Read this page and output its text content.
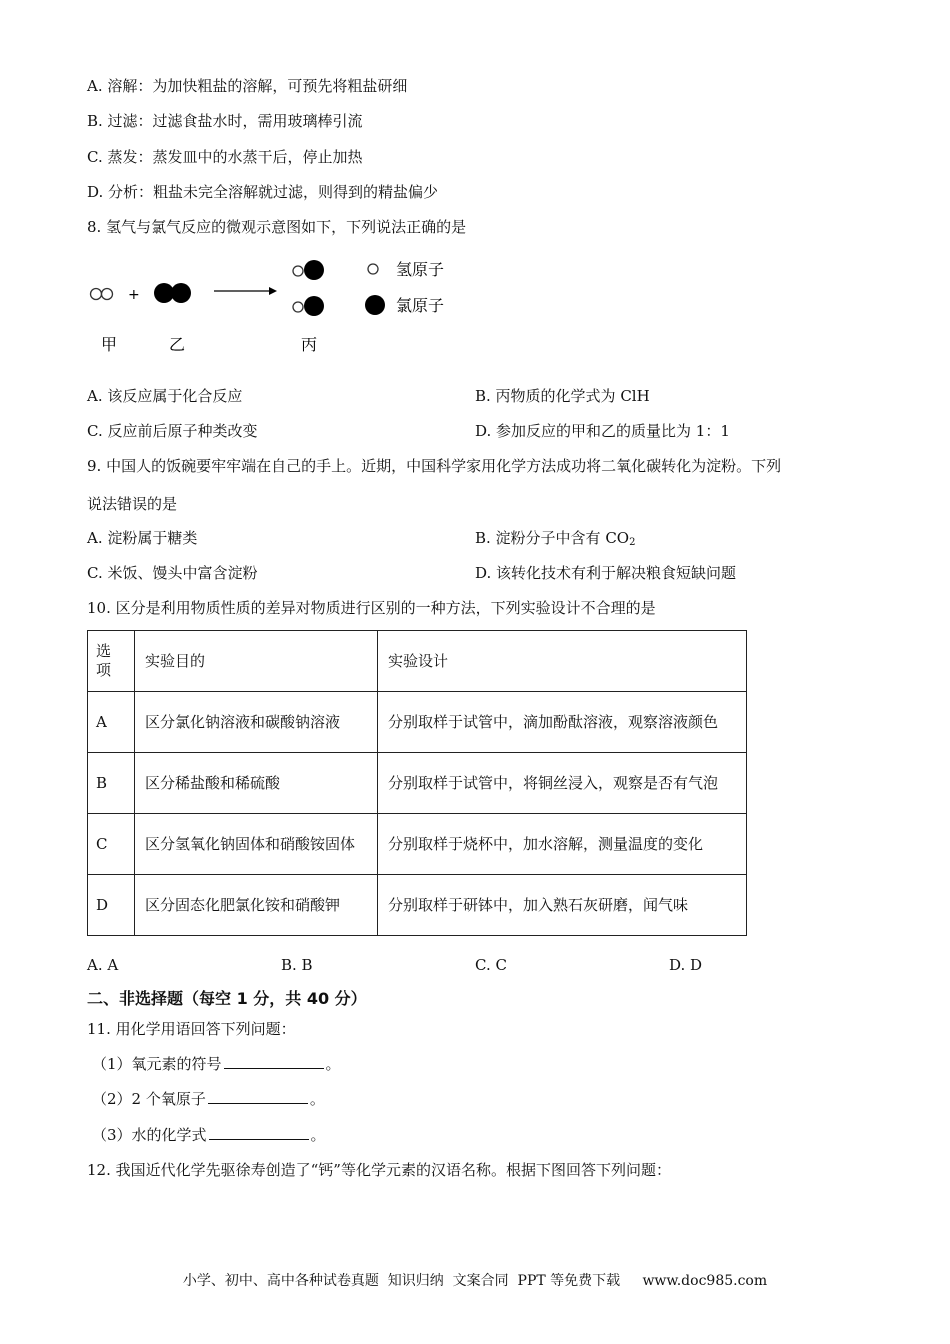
A. 溶解：为加快粗盐的溶解，可预先将粗盐研细
B. 过滤：过滤食盐水时，需用玻璃棒引流
C. 蒸发：蒸发皿中的水蒸干后，停止加热
D. 分析：粗盐未完全溶解就过滤，则得到的精盐偏少
8. 氢气与氯气反应的微观示意图如下，下列说法正确的是
+
氢原子
氯原子
甲	乙	丙
A. 该反应属于化合反应	B. 丙物质的化学式为 ClH
C. 反应前后原子种类改变	D. 参加反应的甲和乙的质量比为 1：1
9. 中国人的饭碗要牢牢端在自己的手上。近期，中国科学家用化学方法成功将二氧化碳转化为淀粉。下列
说法错误的是
A. 淀粉属于糖类	B. 淀粉分子中含有 $CO_2$
C. 米饭、馒头中富含淀粉	D. 该转化技术有利于解决粮食短缺问题
10. 区分是利用物质性质的差异对物质进行区别的一种方法，下列实验设计不合理的是
选项	实验目的	实验设计
A	区分氯化钠溶液和碳酸钠溶液	分别取样于试管中，滴加酚酞溶液，观察溶液颜色
B	区分稀盐酸和稀硫酸	分别取样于试管中，将铜丝浸入，观察是否有气泡
C	区分氢氧化钠固体和硝酸铵固体	分别取样于烧杯中，加水溶解，测量温度的变化
D	区分固态化肥氯化铵和硝酸钾	分别取样于研钵中，加入熟石灰研磨，闻气味
A. A	B. B	C. C	D. D
二、非选择题（每空 1 分，共 40 分）
11. 用化学用语回答下列问题：
（1）氧元素的符号	。
（2）2 个氧原子	。
（3）水的化学式	。
12. 我国近代化学先驱徐寿创造了“钙”等化学元素的汉语名称。根据下图回答下列问题：
小学、初中、高中各种试卷真题  知识归纳  文案合同  PPT 等免费下载     www.doc985.com
